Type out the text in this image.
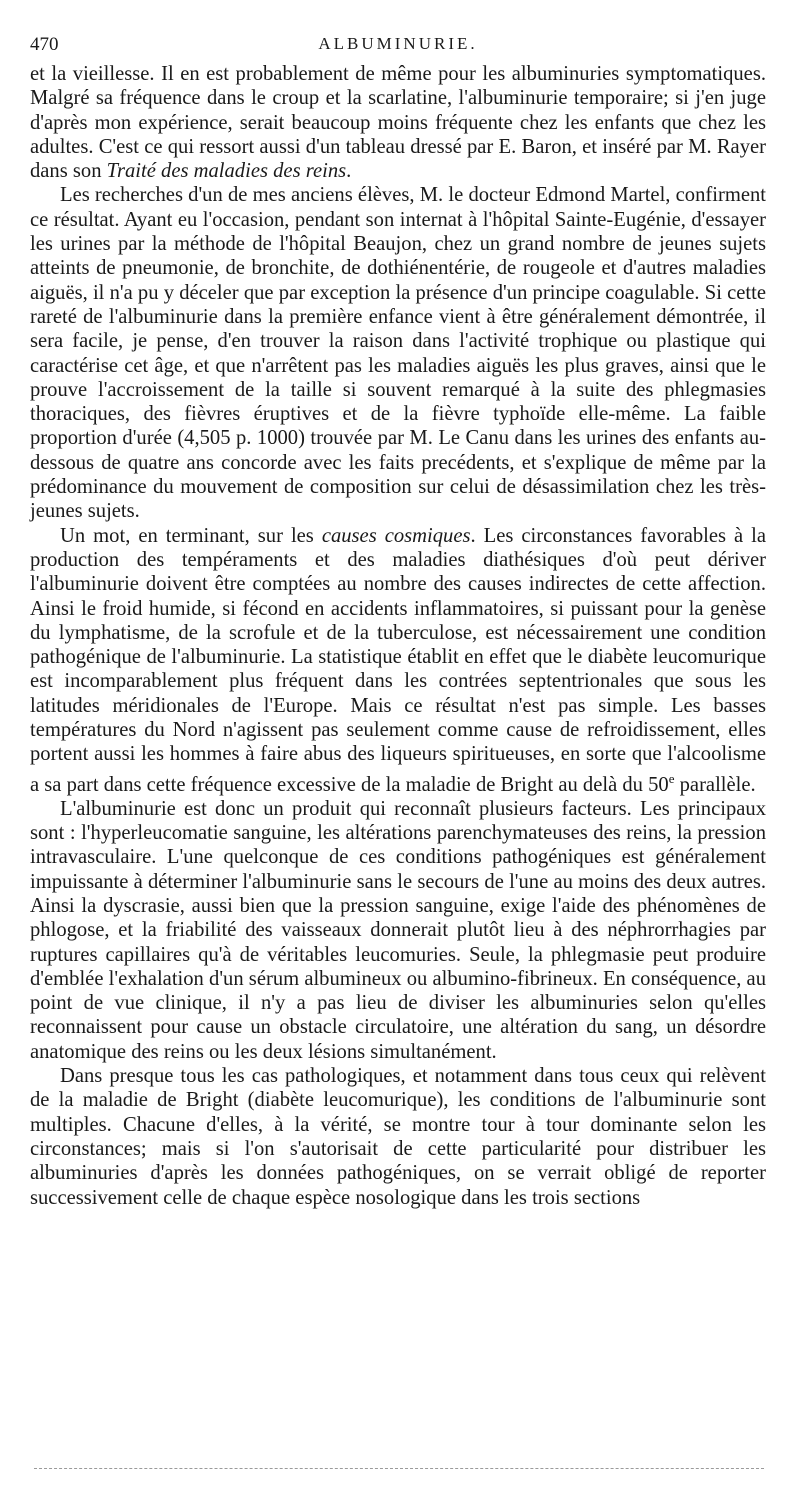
470	ALBUMINURIE.

et la vieillesse. Il en est probablement de même pour les albuminuries symptomatiques. Malgré sa fréquence dans le croup et la scarlatine, l'albuminurie temporaire; si j'en juge d'après mon expérience, serait beaucoup moins fréquente chez les enfants que chez les adultes. C'est ce qui ressort aussi d'un tableau dressé par E. Baron, et inséré par M. Rayer dans son Traité des maladies des reins.

Les recherches d'un de mes anciens élèves, M. le docteur Edmond Martel, confirment ce résultat. Ayant eu l'occasion, pendant son internat à l'hôpital Sainte-Eugénie, d'essayer les urines par la méthode de l'hôpital Beaujon, chez un grand nombre de jeunes sujets atteints de pneumonie, de bronchite, de dothiénentérie, de rougeole et d'autres maladies aiguës, il n'a pu y déceler que par exception la présence d'un principe coagulable. Si cette rareté de l'albuminurie dans la première enfance vient à être généralement démontrée, il sera facile, je pense, d'en trouver la raison dans l'activité trophique ou plastique qui caractérise cet âge, et que n'arrêtent pas les maladies aiguës les plus graves, ainsi que le prouve l'accroissement de la taille si souvent remarqué à la suite des phlegmasies thoraciques, des fièvres éruptives et de la fièvre typhoïde elle-même. La faible proportion d'urée (4,505 p. 1000) trouvée par M. Le Canu dans les urines des enfants au-dessous de quatre ans concorde avec les faits precédents, et s'explique de même par la prédominance du mouvement de composition sur celui de désassimilation chez les très-jeunes sujets.

Un mot, en terminant, sur les causes cosmiques. Les circonstances favorables à la production des tempéraments et des maladies diathésiques d'où peut dériver l'albuminurie doivent être comptées au nombre des causes indirectes de cette affection. Ainsi le froid humide, si fécond en accidents inflammatoires, si puissant pour la genèse du lymphatisme, de la scrofule et de la tuberculose, est nécessairement une condition pathogénique de l'albuminurie. La statistique établit en effet que le diabète leucomurique est incomparablement plus fréquent dans les contrées septentrionales que sous les latitudes méridionales de l'Europe. Mais ce résultat n'est pas simple. Les basses températures du Nord n'agissent pas seulement comme cause de refroidissement, elles portent aussi les hommes à faire abus des liqueurs spiritueuses, en sorte que l'alcoolisme a sa part dans cette fréquence excessive de la maladie de Bright au delà du 50e parallèle.

L'albuminurie est donc un produit qui reconnaît plusieurs facteurs. Les principaux sont : l'hyperleucomatie sanguine, les altérations parenchymateuses des reins, la pression intravasculaire. L'une quelconque de ces conditions pathogéniques est généralement impuissante à déterminer l'albuminurie sans le secours de l'une au moins des deux autres. Ainsi la dyscrasie, aussi bien que la pression sanguine, exige l'aide des phénomènes de phlogose, et la friabilité des vaisseaux donnerait plutôt lieu à des néphrorrhagies par ruptures capillaires qu'à de véritables leucomuries. Seule, la phlegmasie peut produire d'emblée l'exhalation d'un sérum albumineux ou albumino-fibrineux. En conséquence, au point de vue clinique, il n'y a pas lieu de diviser les albuminuries selon qu'elles reconnaissent pour cause un obstacle circulatoire, une altération du sang, un désordre anatomique des reins ou les deux lésions simultanément.

Dans presque tous les cas pathologiques, et notamment dans tous ceux qui relèvent de la maladie de Bright (diabète leucomurique), les conditions de l'albuminurie sont multiples. Chacune d'elles, à la vérité, se montre tour à tour dominante selon les circonstances; mais si l'on s'autorisait de cette particularité pour distribuer les albuminuries d'après les données pathogéniques, on se verrait obligé de reporter successivement celle de chaque espèce nosologique dans les trois sections
